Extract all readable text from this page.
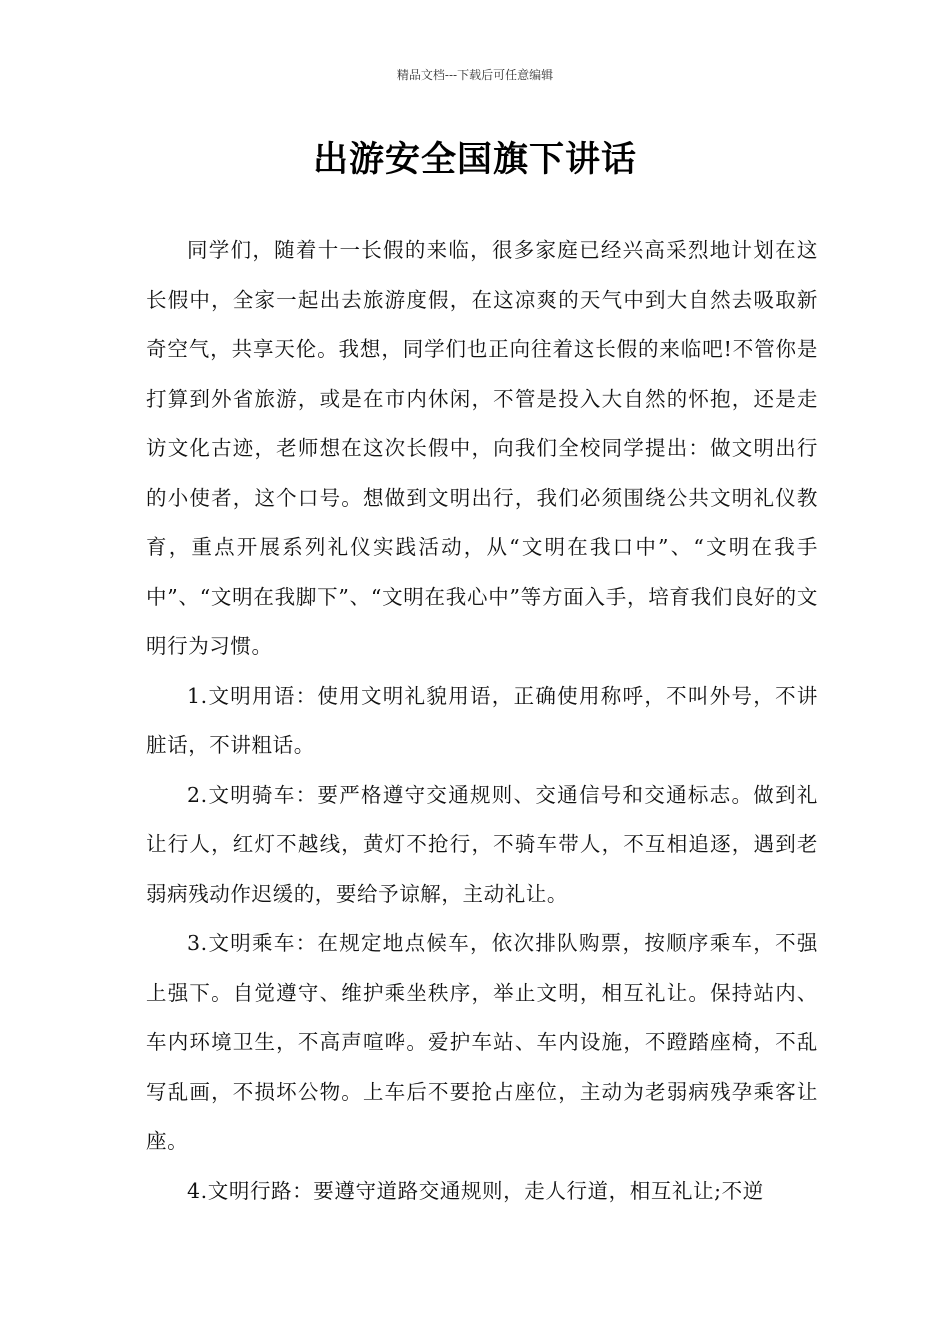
精品文档---下载后可任意编辑
出游安全国旗下讲话

同学们，随着十一长假的来临，很多家庭已经兴高采烈地计划在这长假中，全家一起出去旅游度假，在这凉爽的天气中到大自然去吸取新奇空气，共享天伦。我想，同学们也正向往着这长假的来临吧!不管你是打算到外省旅游，或是在市内休闲，不管是投入大自然的怀抱，还是走访文化古迹，老师想在这次长假中，向我们全校同学提出：做文明出行的小使者，这个口号。想做到文明出行，我们必须围绕公共文明礼仪教育，重点开展系列礼仪实践活动，从“文明在我口中”、“文明在我手中”、“文明在我脚下”、“文明在我心中”等方面入手，培育我们良好的文明行为习惯。

1.文明用语：使用文明礼貌用语，正确使用称呼，不叫外号，不讲脏话，不讲粗话。

2.文明骑车：要严格遵守交通规则、交通信号和交通标志。做到礼让行人，红灯不越线，黄灯不抢行，不骑车带人，不互相追逐，遇到老弱病残动作迟缓的，要给予谅解，主动礼让。

3.文明乘车：在规定地点候车，依次排队购票，按顺序乘车，不强上强下。自觉遵守、维护乘坐秩序，举止文明，相互礼让。保持站内、车内环境卫生，不高声喧哗。爱护车站、车内设施，不蹬踏座椅，不乱写乱画，不损坏公物。上车后不要抢占座位，主动为老弱病残孕乘客让座。

4.文明行路：要遵守道路交通规则，走人行道，相互礼让;不逆
